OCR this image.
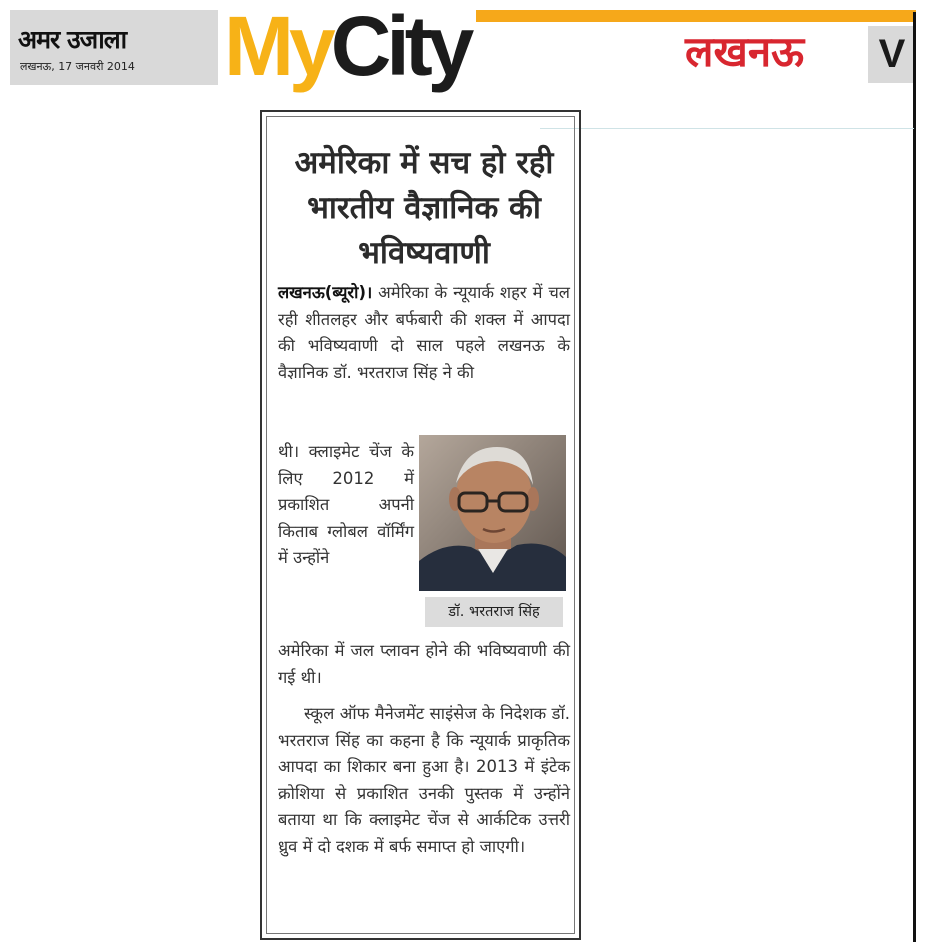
अमर उजाला
लखनऊ, 17 जनवरी 2014 MyCity	लखनऊ V
अमेरिका में सच हो रही भारतीय वैज्ञानिक की भविष्यवाणी

लखनऊ(ब्यूरो)। अमेरिका के न्यूयार्क शहर में चल रही शीतलहर और बर्फबारी की शक्ल में आपदा की भविष्यवाणी दो साल पहले लखनऊ के वैज्ञानिक डॉ. भरतराज सिंह ने की

थी। क्लाइमेट चेंज के लिए 2012 में प्रकाशित अपनी किताब ग्लोबल वॉर्मिंग में उन्होंने

डॉ. भरतराज सिंह

अमेरिका में जल प्लावन होने की भविष्यवाणी की गई थी।

स्कूल ऑफ मैनेजमेंट साइंसेज के निदेशक डॉ. भरतराज सिंह का कहना है कि न्यूयार्क प्राकृतिक आपदा का शिकार बना हुआ है। 2013 में इंटेक क्रोशिया से प्रकाशित उनकी पुस्तक में उन्होंने बताया था कि क्लाइमेट चेंज से आर्कटिक उत्तरी ध्रुव में दो दशक में बर्फ समाप्त हो जाएगी।
